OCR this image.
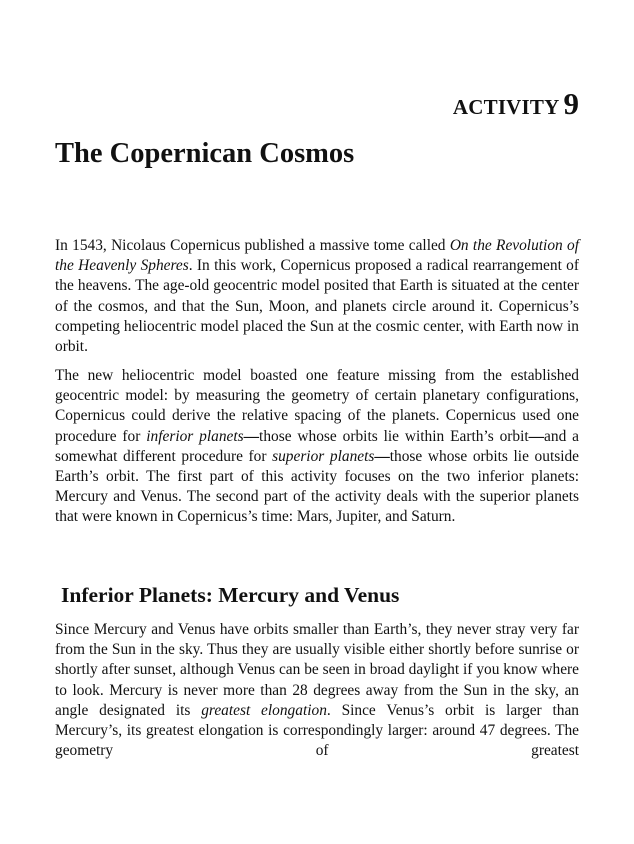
ACTIVITY 9
The Copernican Cosmos

In 1543, Nicolaus Copernicus published a massive tome called On the Revolution of the Heavenly Spheres. In this work, Copernicus proposed a radical rearrangement of the heavens. The age-old geocentric model posited that Earth is situated at the center of the cosmos, and that the Sun, Moon, and planets circle around it. Copernicus’s competing heliocentric model placed the Sun at the cosmic center, with Earth now in orbit.

The new heliocentric model boasted one feature missing from the established geocentric model: by measuring the geometry of certain planetary configurations, Copernicus could derive the relative spacing of the planets. Copernicus used one procedure for inferior planets—those whose orbits lie within Earth’s orbit—and a somewhat different procedure for superior planets—those whose orbits lie outside Earth’s orbit. The first part of this activity focuses on the two inferior planets: Mercury and Venus. The second part of the activity deals with the superior planets that were known in Copernicus’s time: Mars, Jupiter, and Saturn.

Inferior Planets: Mercury and Venus

Since Mercury and Venus have orbits smaller than Earth’s, they never stray very far from the Sun in the sky. Thus they are usually visible either shortly before sunrise or shortly after sunset, although Venus can be seen in broad daylight if you know where to look. Mercury is never more than 28 degrees away from the Sun in the sky, an angle designated its greatest elongation. Since Venus’s orbit is larger than Mercury’s, its greatest elongation is correspondingly larger: around 47 degrees. The geometry of greatest
